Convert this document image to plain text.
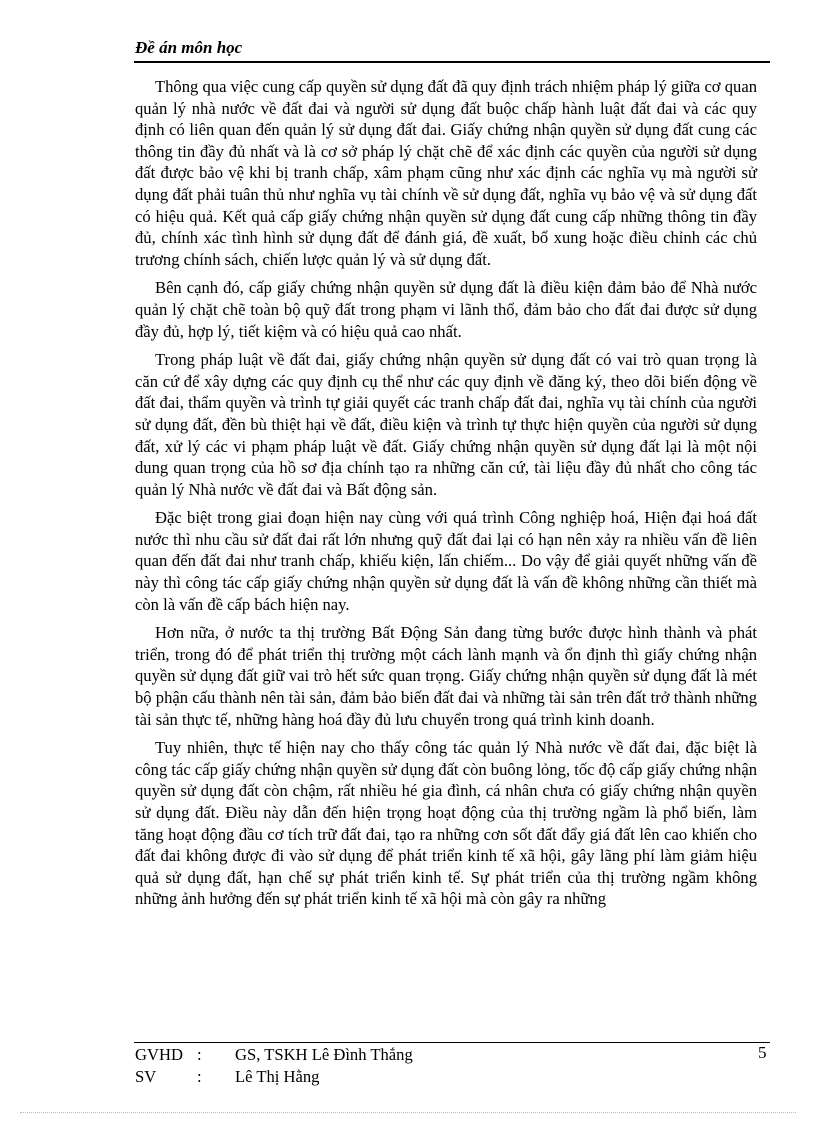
Đề án môn học

Thông qua việc cung cấp quyền sử dụng đất đã quy định trách nhiệm pháp lý giữa cơ quan quản lý nhà nước về đất đai và người sử dụng đất buộc chấp hành luật đất đai và các quy định có liên quan đến quản lý sử dụng đất đai. Giấy chứng nhận quyền sử dụng đất cung các thông tin đầy đủ nhất và là cơ sở pháp lý chặt chẽ để xác định các quyền của người sử dụng đất được bảo vệ khi bị tranh chấp, xâm phạm cũng như xác định các nghĩa vụ mà người sử dụng đất phải tuân thủ như nghĩa vụ tài chính về sử dụng đất, nghĩa vụ bảo vệ và sử dụng đất có hiệu quả. Kết quả cấp giấy chứng nhận quyền sử dụng đất cung cấp những thông tin đầy đủ, chính xác tình hình sử dụng đất để đánh giá, đề xuất, bổ xung hoặc điều chỉnh các chủ trương chính sách, chiến lược quản lý và sử dụng đất.

Bên cạnh đó, cấp giấy chứng nhận quyền sử dụng đất là điều kiện đảm bảo để Nhà nước quản lý chặt chẽ toàn bộ quỹ đất trong phạm vi lãnh thổ, đảm bảo cho đất đai được sử dụng đầy đủ, hợp lý, tiết kiệm và có hiệu quả cao nhất.

Trong pháp luật về đất đai, giấy chứng nhận quyền sử dụng đất có vai trò quan trọng là căn cứ để xây dựng các quy định cụ thể như các quy định về đăng ký, theo dõi biến động về đất đai, thẩm quyền và trình tự giải quyết các tranh chấp đất đai, nghĩa vụ tài chính của người sử dụng đất, đền bù thiệt hại về đất, điều kiện và trình tự thực hiện quyền của người sử dụng đất, xử lý các vi phạm pháp luật về đất. Giấy chứng nhận quyền sử dụng đất lại là một nội dung quan trọng của hồ sơ địa chính tạo ra những căn cứ, tài liệu đầy đủ nhất cho công tác quản lý Nhà nước về đất đai và Bất động sản.

Đặc biệt trong giai đoạn hiện nay cùng với quá trình Công nghiệp hoá, Hiện đại hoá đất nước thì nhu cầu sử đất đai rất lớn nhưng quỹ đất đai lại có hạn nên xảy ra nhiều vấn đề liên quan đến đất đai như tranh chấp, khiếu kiện, lấn chiếm... Do vậy để giải quyết những vấn đề này thì công tác cấp giấy chứng nhận quyền sử dụng đất là vấn đề không những cần thiết mà còn là vấn đề cấp bách hiện nay.

Hơn nữa, ở nước ta thị trường Bất Động Sản đang từng bước được hình thành và phát triển, trong đó để phát triển thị trường một cách lành mạnh và ổn định thì giấy chứng nhận quyền sử dụng đất giữ vai trò hết sức quan trọng. Giấy chứng nhận quyền sử dụng đất là mét bộ phận cấu thành nên tài sản, đảm bảo biến đất đai và những tài sản trên đất trở thành những tài sản thực tế, những hàng hoá đầy đủ lưu chuyển trong quá trình kinh doanh.

Tuy nhiên, thực tế hiện nay cho thấy công tác quản lý Nhà nước về đất đai, đặc biệt là công tác cấp giấy chứng nhận quyền sử dụng đất còn buông lỏng, tốc độ cấp giấy chứng nhận quyền sử dụng đất còn chậm, rất nhiều hé gia đình, cá nhân chưa có giấy chứng nhận quyền sử dụng đất. Điều này dẫn đến hiện trọng hoạt động của thị trường ngầm là phổ biến, làm tăng hoạt động đầu cơ tích trữ đất đai, tạo ra những cơn sốt đất đẩy giá đất lên cao khiến cho đất đai không được đi vào sử dụng để phát triển kinh tế xã hội, gây lãng phí làm giảm hiệu quả sử dụng đất, hạn chế sự phát triển kinh tế. Sự phát triển của thị trường ngầm không những ảnh hưởng đến sự phát triển kinh tế xã hội mà còn gây ra những

GVHD : GS, TSKH Lê Đình Thắng
SV : Lê Thị Hằng
5
